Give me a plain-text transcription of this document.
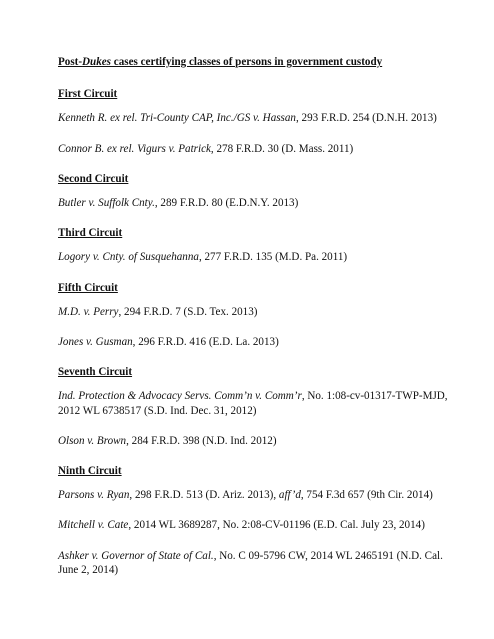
Post-Dukes cases certifying classes of persons in government custody

First Circuit

Kenneth R. ex rel. Tri-County CAP, Inc./GS v. Hassan, 293 F.R.D. 254 (D.N.H. 2013)

Connor B. ex rel. Vigurs v. Patrick, 278 F.R.D. 30 (D. Mass. 2011)

Second Circuit

Butler v. Suffolk Cnty., 289 F.R.D. 80 (E.D.N.Y. 2013)

Third Circuit

Logory v. Cnty. of Susquehanna, 277 F.R.D. 135 (M.D. Pa. 2011)

Fifth Circuit

M.D. v. Perry, 294 F.R.D. 7 (S.D. Tex. 2013)

Jones v. Gusman, 296 F.R.D. 416 (E.D. La. 2013)

Seventh Circuit

Ind. Protection & Advocacy Servs. Comm’n v. Comm’r, No. 1:08-cv-01317-TWP-MJD, 2012 WL 6738517 (S.D. Ind. Dec. 31, 2012)

Olson v. Brown, 284 F.R.D. 398 (N.D. Ind. 2012)

Ninth Circuit

Parsons v. Ryan, 298 F.R.D. 513 (D. Ariz. 2013), aff’d, 754 F.3d 657 (9th Cir. 2014)

Mitchell v. Cate, 2014 WL 3689287, No. 2:08-CV-01196 (E.D. Cal. July 23, 2014)

Ashker v. Governor of State of Cal., No. C 09-5796 CW, 2014 WL 2465191 (N.D. Cal. June 2, 2014)
